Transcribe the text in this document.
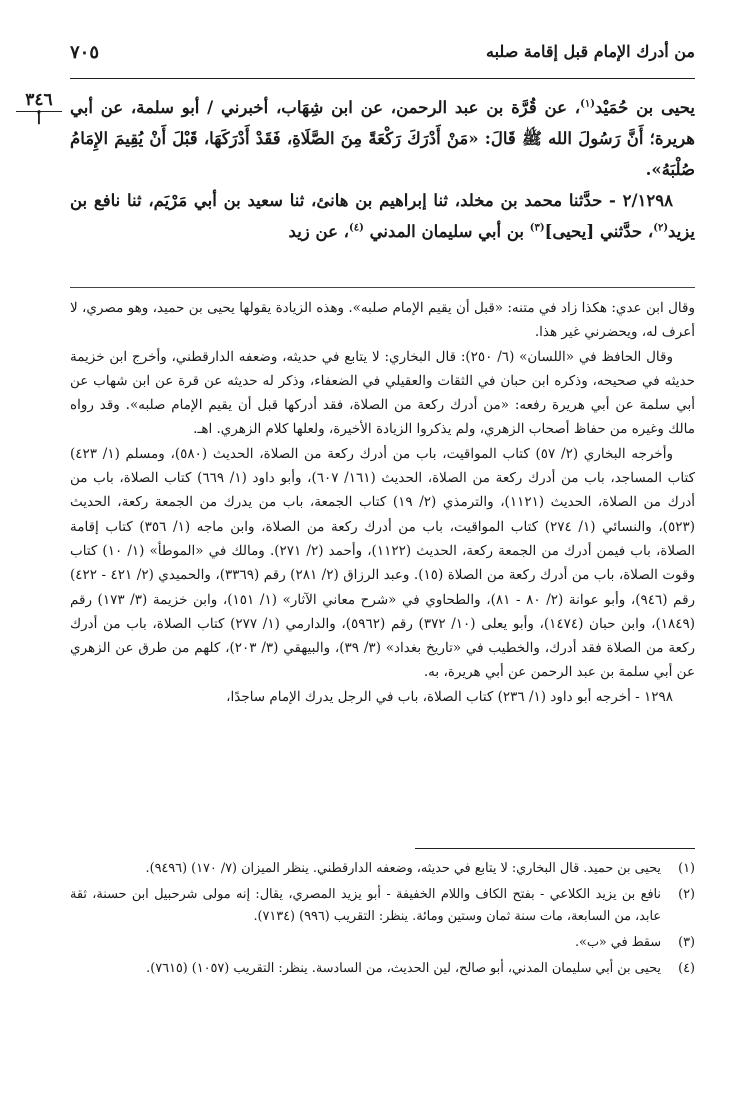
من أدرك الإمام قبل إقامة صلبه
٧٠٥
٣٤٦
أ

يحيى بن حُمَيْد$^{(١)}$، عن قُرَّة بن عبد الرحمن، عن ابن شِهَاب، أخبرني / أبو سلمة، عن أبي هريرة؛ أَنَّ رَسُولَ الله ﷺ قَالَ: «مَنْ أَدْرَكَ رَكْعَةً مِنَ الصَّلَاةِ، فَقَدْ أَدْرَكَهَا، قَبْلَ أَنْ يُقِيمَ الإِمَامُ صُلْبَهُ».

٢/١٢٩٨ - حدَّثنا محمد بن مخلد، ثنا إبراهيم بن هانئ، ثنا سعيد بن أبي مَرْيَم، ثنا نافع بن يزيد$^{(٢)}$، حدَّثني [يحيى]$^{(٣)}$ بن أبي سليمان المدني $^{(٤)}$، عن زيد

وقال ابن عدي: هكذا زاد في متنه: «قبل أن يقيم الإمام صلبه». وهذه الزيادة يقولها يحيى بن حميد، وهو مصري، لا أعرف له، ويحضرني غير هذا.

وقال الحافظ في «اللسان» (٦/ ٢٥٠): قال البخاري: لا يتابع في حديثه، وضعفه الدارقطني، وأخرج ابن خزيمة حديثه في صحيحه، وذكره ابن حبان في الثقات والعقيلي في الضعفاء، وذكر له حديثه عن قرة عن ابن شهاب عن أبي سلمة عن أبي هريرة رفعه: «من أدرك ركعة من الصلاة، فقد أدركها قبل أن يقيم الإمام صلبه». وقد رواه مالك وغيره من حفاظ أصحاب الزهري، ولم يذكروا الزيادة الأخيرة، ولعلها كلام الزهري. اهـ.

وأخرجه البخاري (٢/ ٥٧) كتاب المواقيت، باب من أدرك ركعة من الصلاة، الحديث (٥٨٠)، ومسلم (١/ ٤٢٣) كتاب المساجد، باب من أدرك ركعة من الصلاة، الحديث (١٦١/ ٦٠٧)، وأبو داود (١/ ٦٦٩) كتاب الصلاة، باب من أدرك من الصلاة، الحديث (١١٢١)، والترمذي (٢/ ١٩) كتاب الجمعة، باب من يدرك من الجمعة ركعة، الحديث (٥٢٣)، والنسائي (١/ ٢٧٤) كتاب المواقيت، باب من أدرك ركعة من الصلاة، وابن ماجه (١/ ٣٥٦) كتاب إقامة الصلاة، باب فيمن أدرك من الجمعة ركعة، الحديث (١١٢٢)، وأحمد (٢/ ٢٧١). ومالك في «الموطأ» (١/ ١٠) كتاب وقوت الصلاة، باب من أدرك ركعة من الصلاة (١٥). وعبد الرزاق (٢/ ٢٨١) رقم (٣٣٦٩)، والحميدي (٢/ ٤٢١ - ٤٢٢) رقم (٩٤٦)، وأبو عوانة (٢/ ٨٠ - ٨١)، والطحاوي في «شرح معاني الآثار» (١/ ١٥١)، وابن خزيمة (٣/ ١٧٣) رقم (١٨٤٩)، وابن حبان (١٤٧٤)، وأبو يعلى (١٠/ ٣٧٢) رقم (٥٩٦٢)، والدارمي (١/ ٢٧٧) كتاب الصلاة، باب من أدرك ركعة من الصلاة فقد أدرك، والخطيب في «تاريخ بغداد» (٣/ ٣٩)، والبيهقي (٣/ ٢٠٣)، كلهم من طرق عن الزهري عن أبي سلمة بن عبد الرحمن عن أبي هريرة، به.

١٢٩٨ - أخرجه أبو داود (١/ ٢٣٦) كتاب الصلاة، باب في الرجل يدرك الإمام ساجدًا،

(١)
يحيى بن حميد. قال البخاري: لا يتابع في حديثه، وضعفه الدارقطني. ينظر الميزان (٧/ ١٧٠) (٩٤٩٦).
(٢)
نافع بن يزيد الكلاعي - بفتح الكاف واللام الخفيفة - أبو يزيد المصري، يقال: إنه مولى شرحبيل ابن حسنة، ثقة عابد، من السابعة، مات سنة ثمان وستين ومائة. ينظر: التقريب (٩٩٦) (٧١٣٤).
(٣)
سقط في «ب».
(٤)
يحيى بن أبي سليمان المدني، أبو صالح، لين الحديث، من السادسة. ينظر: التقريب (١٠٥٧) (٧٦١٥).
